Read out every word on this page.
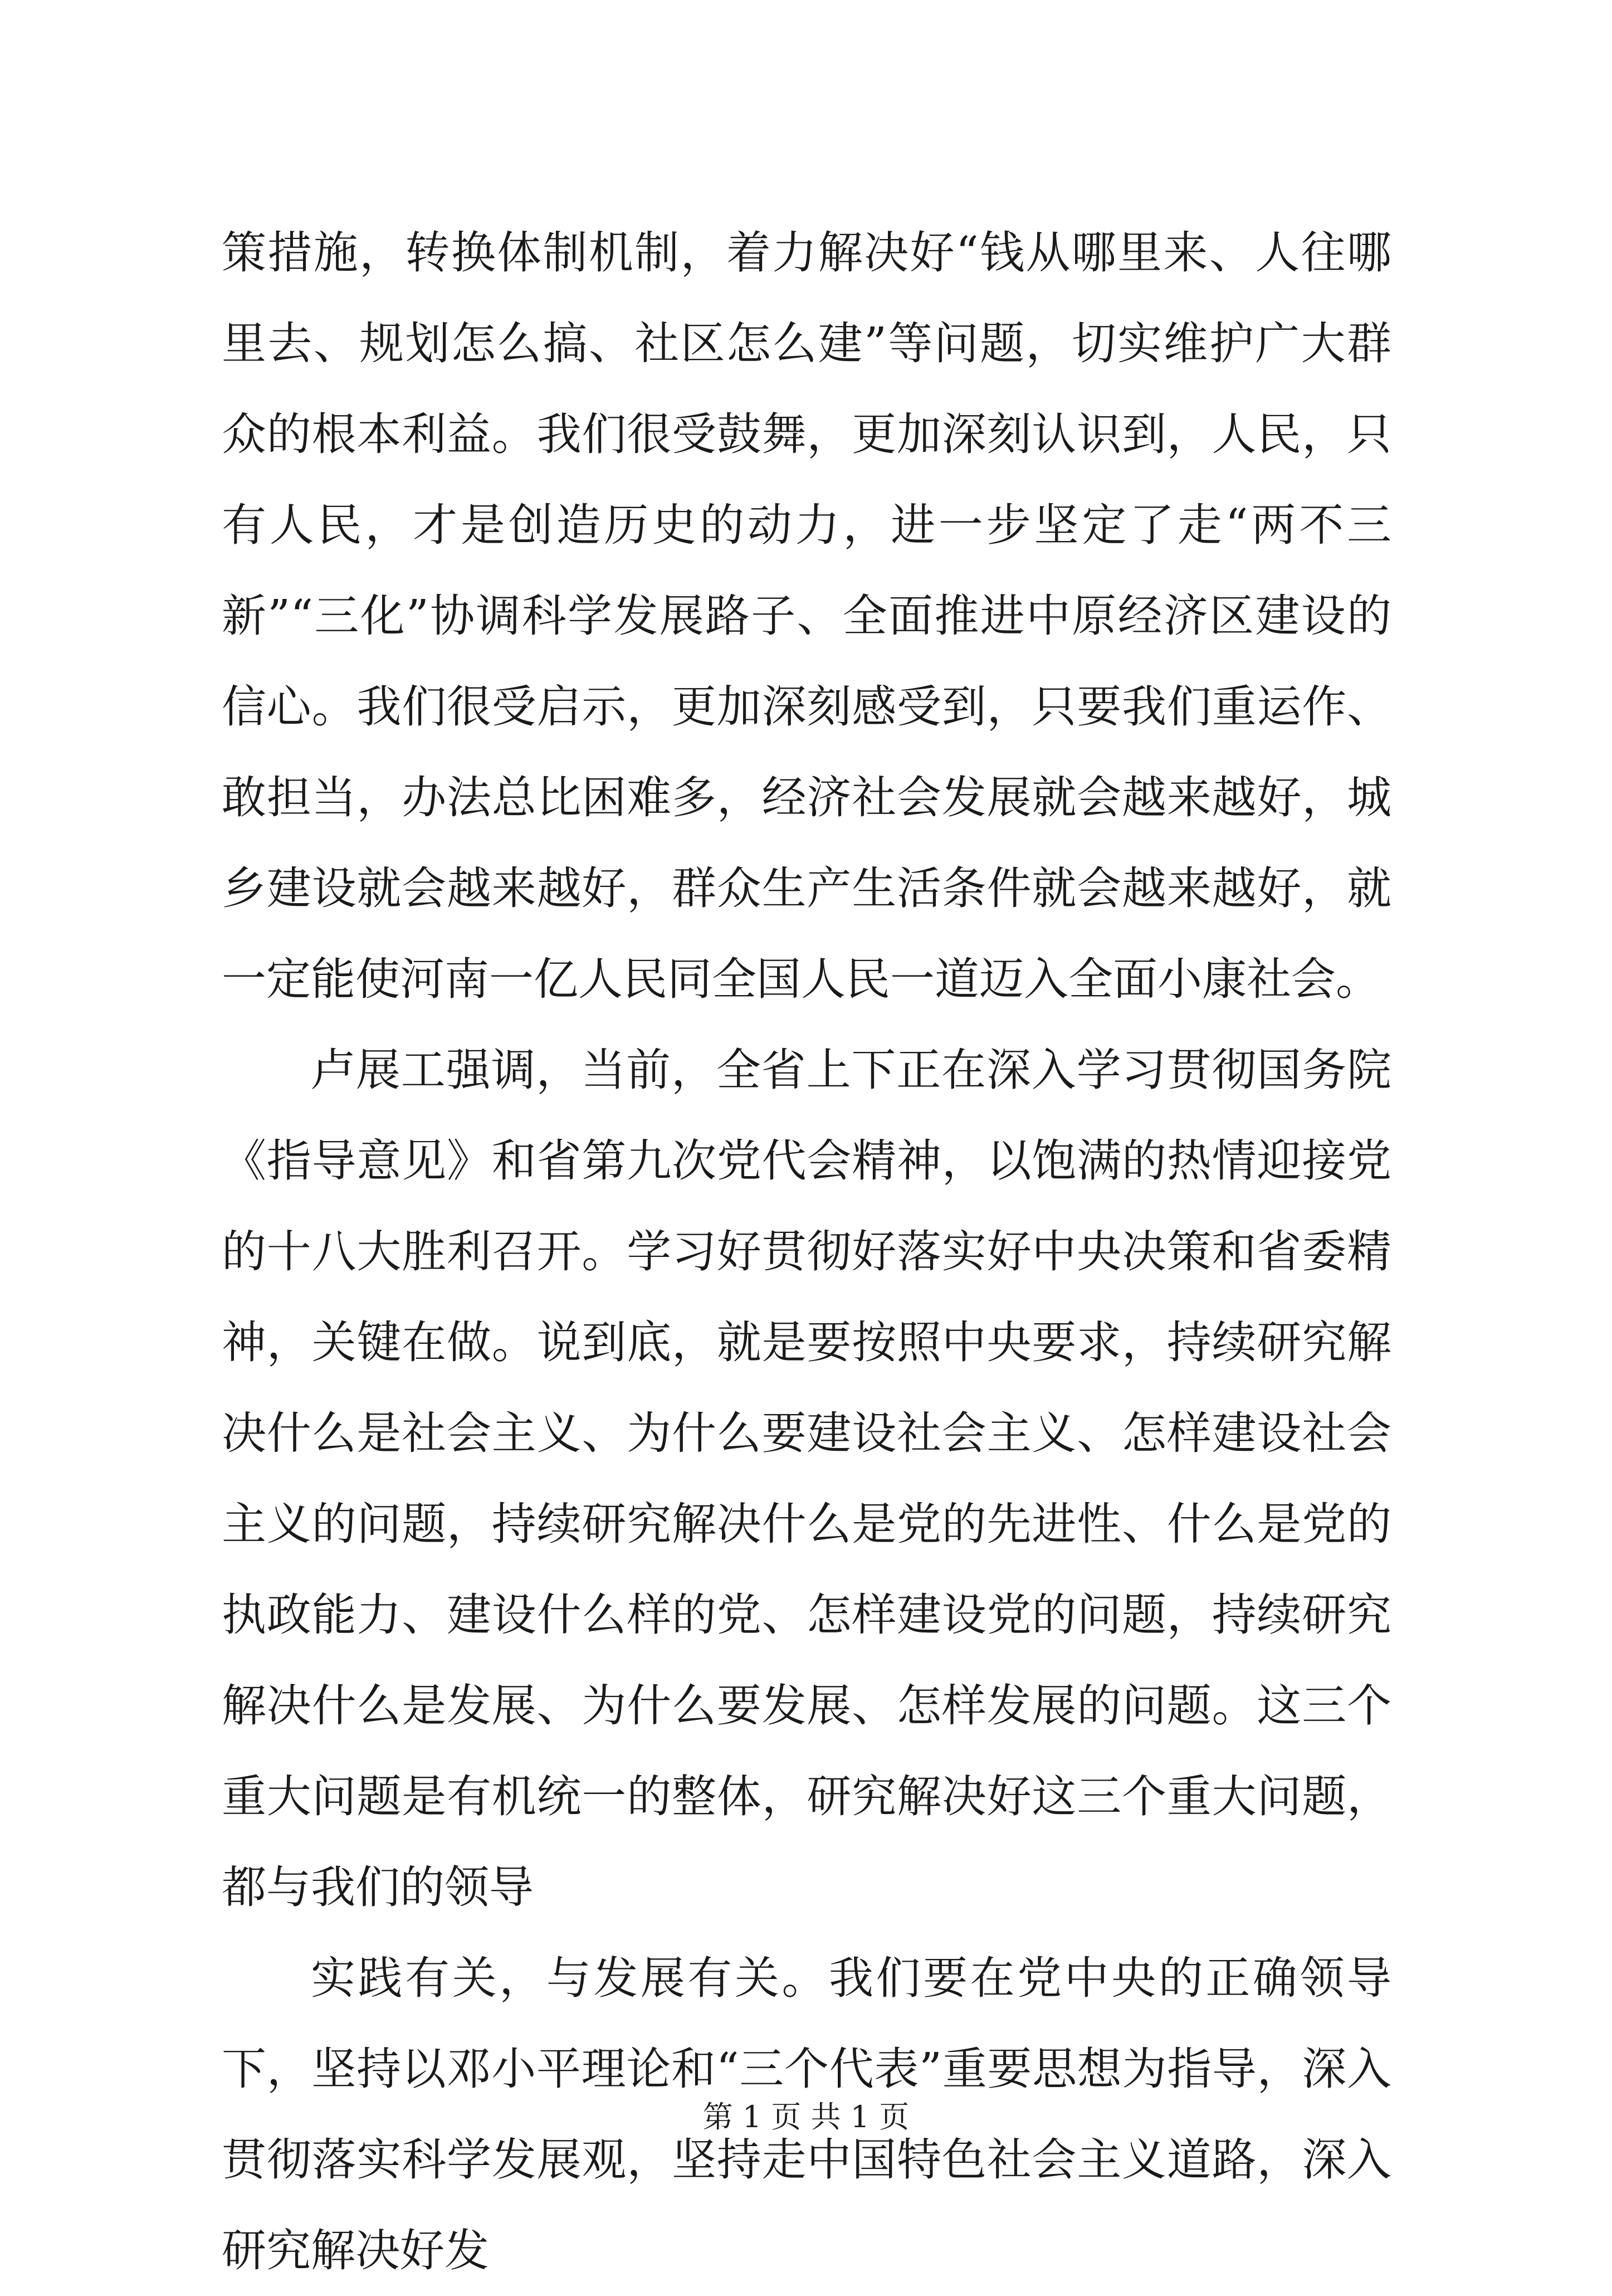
策措施，转换体制机制，着力解决好“钱从哪里来、人往哪里去、规划怎么搞、社区怎么建”等问题，切实维护广大群众的根本利益。我们很受鼓舞，更加深刻认识到，人民，只有人民，才是创造历史的动力，进一步坚定了走“两不三新”“三化”协调科学发展路子、全面推进中原经济区建设的信心。我们很受启示，更加深刻感受到，只要我们重运作、敢担当，办法总比困难多，经济社会发展就会越来越好，城乡建设就会越来越好，群众生产生活条件就会越来越好，就一定能使河南一亿人民同全国人民一道迈入全面小康社会。

卢展工强调，当前，全省上下正在深入学习贯彻国务院《指导意见》和省第九次党代会精神，以饱满的热情迎接党的十八大胜利召开。学习好贯彻好落实好中央决策和省委精神，关键在做。说到底，就是要按照中央要求，持续研究解决什么是社会主义、为什么要建设社会主义、怎样建设社会主义的问题，持续研究解决什么是党的先进性、什么是党的执政能力、建设什么样的党、怎样建设党的问题，持续研究解决什么是发展、为什么要发展、怎样发展的问题。这三个重大问题是有机统一的整体，研究解决好这三个重大问题，都与我们的领导

实践有关，与发展有关。我们要在党中央的正确领导下，坚持以邓小平理论和“三个代表”重要思想为指导，深入贯彻落实科学发展观，坚持走中国特色社会主义道路，深入研究解决好发

第 1 页 共 1 页
